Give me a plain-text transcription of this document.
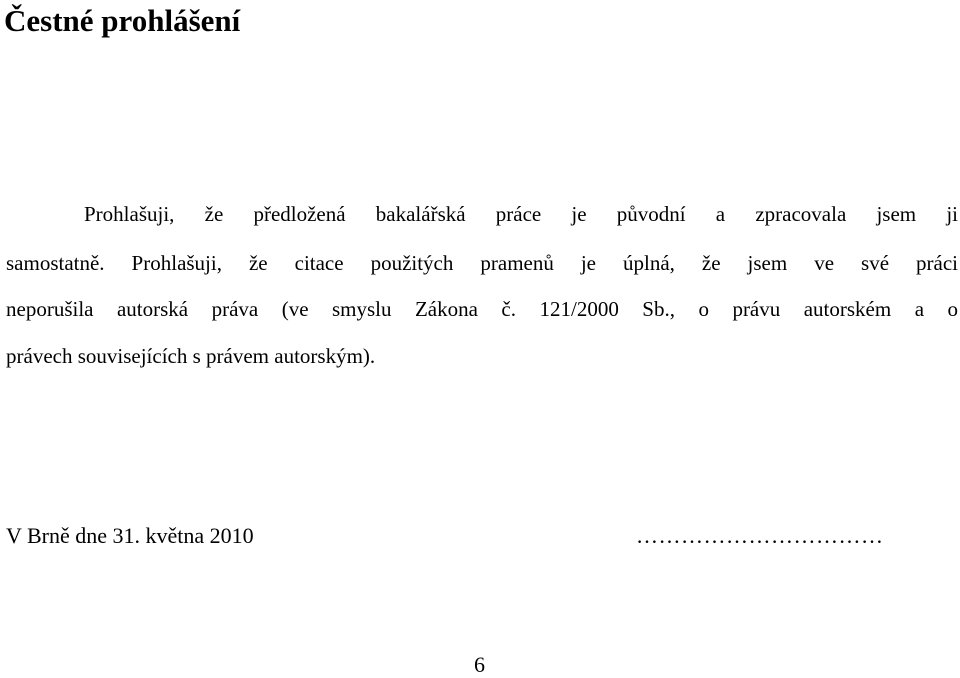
Čestné prohlášení

Prohlašuji, že předložená bakalářská práce je původní a zpracovala jsem ji

samostatně. Prohlašuji, že citace použitých pramenů je úplná, že jsem ve své práci

neporušila autorská práva (ve smyslu Zákona č. 121/2000 Sb., o právu autorském a o

právech souvisejících s právem autorským).

V Brně dne 31. května 2010	……………………………
6
